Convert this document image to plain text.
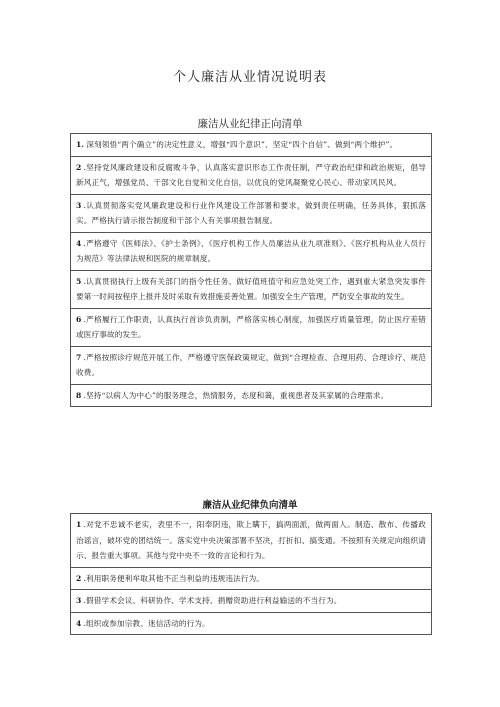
个人廉洁从业情况说明表
廉洁从业纪律正向清单
1. 深刻领悟“两个确立”的决定性意义，增强“四个意识”、坚定“四个自信”、做到“两个维护”。
2 .坚持党风廉政建设和反腐败斗争，认真落实意识形态工作责任制，严守政治纪律和政治规矩，倡导新风正气，增强党员、干部文化自觉和文化自信，以优良的党风凝聚党心民心、带动家风民风。
3 .认真贯彻落实党风廉政建设和行业作风建设工作部署和要求，做到责任明确，任务具体，狠抓落实。严格执行请示报告制度和干部个人有关事项报告制度。
4 .严格遵守《医师法》、《护士条例》、《医疗机构工作人员廉洁从业九项准则》、《医疗机构从业人员行为规范》等法律法规和医院的规章制度。
5 .认真贯彻执行上级有关部门的指令性任务。做好值班值守和应急处突工作，遇到重大紧急突发事件要第一时间按程序上报并及时采取有效措施妥善处置。加强安全生产管理，严防安全事故的发生。
6 .严格履行工作职责，认真执行首诊负责制，严格落实核心制度，加强医疗质量管理，防止医疗差错或医疗事故的发生。
7 .严格按照诊疗规范开展工作，严格遵守医保政策规定，做到“合理检查、合理用药、合理诊疗、规范收费。
8 .坚持“以病人为中心”的服务理念，热情服务，态度和蔼，重视患者及其家属的合理需求。
廉洁从业纪律负向清单
1 .对党不忠诚不老实，表里不一，阳奉阴违，欺上瞒下，搞两面派，做两面人。制造、散布、传播政治谣言，破坏党的团结统一。落实党中央决策部署不坚决，打折扣、搞变通。不按照有关规定向组织请示、报告重大事项。其他与党中央不一致的言论和行为。
2 .利用职务便利牟取其他不正当利益的违规违法行为。
3 .假借学术会议、科研协作、学术支持、捐赠资助进行利益输送的不当行为。
4 .组织或参加宗教、迷信活动的行为。
